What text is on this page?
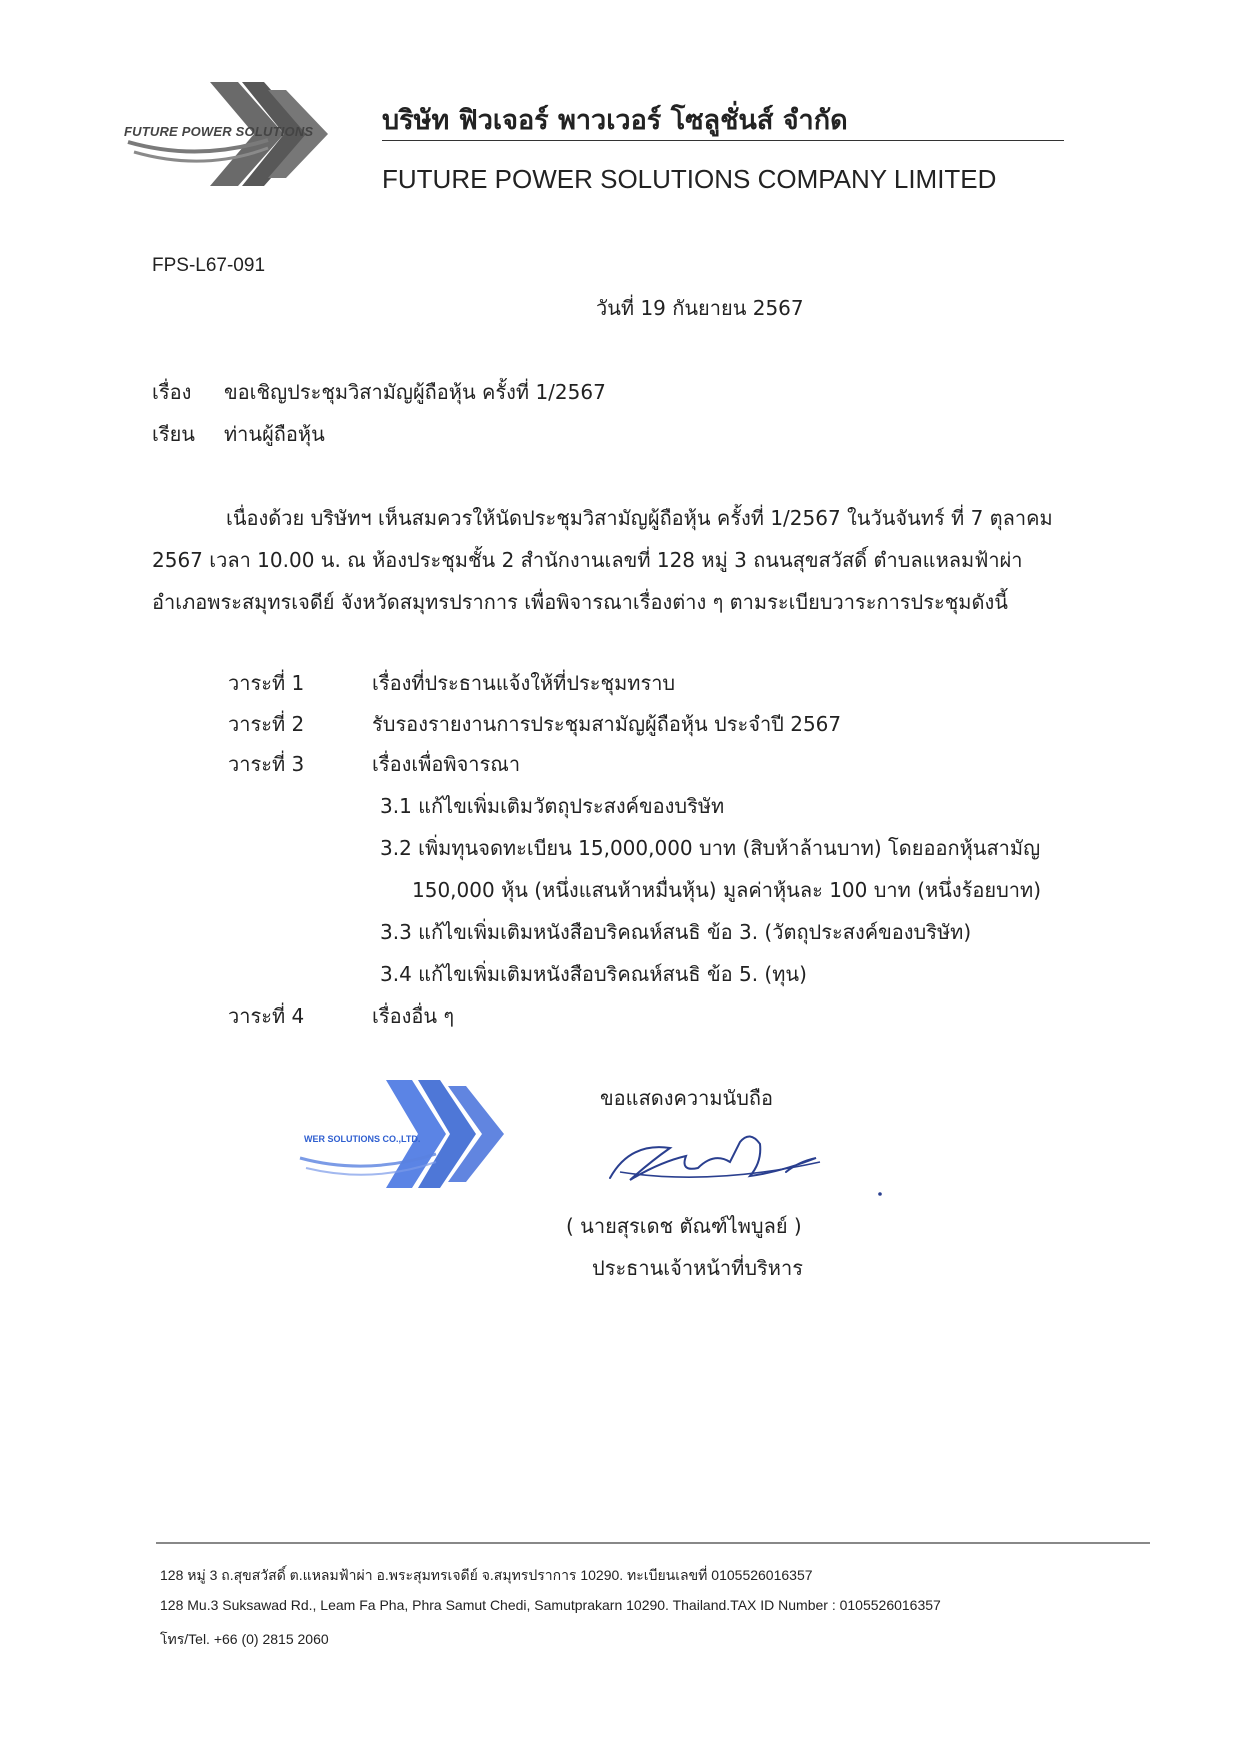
FUTURE POWER SOLUTIONS	บริษัท ฟิวเจอร์ พาวเวอร์ โซลูชั่นส์ จำกัด
FUTURE POWER SOLUTIONS COMPANY LIMITED
FPS-L67-091
วันที่ 19 กันยายน 2567
เรื่อง ขอเชิญประชุมวิสามัญผู้ถือหุ้น ครั้งที่ 1/2567
เรียน ท่านผู้ถือหุ้น
เนื่องด้วย บริษัทฯ เห็นสมควรให้นัดประชุมวิสามัญผู้ถือหุ้น ครั้งที่ 1/2567 ในวันจันทร์ ที่ 7 ตุลาคม
2567 เวลา 10.00 น. ณ ห้องประชุมชั้น 2 สำนักงานเลขที่ 128 หมู่ 3 ถนนสุขสวัสดิ์ ตำบลแหลมฟ้าผ่า
อำเภอพระสมุทรเจดีย์ จังหวัดสมุทรปราการ เพื่อพิจารณาเรื่องต่าง ๆ ตามระเบียบวาระการประชุมดังนี้
วาระที่ 1	เรื่องที่ประธานแจ้งให้ที่ประชุมทราบ
วาระที่ 2	รับรองรายงานการประชุมสามัญผู้ถือหุ้น ประจำปี 2567
วาระที่ 3	เรื่องเพื่อพิจารณา
3.1 แก้ไขเพิ่มเติมวัตถุประสงค์ของบริษัท
3.2 เพิ่มทุนจดทะเบียน 15,000,000 บาท (สิบห้าล้านบาท) โดยออกหุ้นสามัญ
150,000 หุ้น (หนึ่งแสนห้าหมื่นหุ้น) มูลค่าหุ้นละ 100 บาท (หนึ่งร้อยบาท)
3.3 แก้ไขเพิ่มเติมหนังสือบริคณห์สนธิ ข้อ 3. (วัตถุประสงค์ของบริษัท)
3.4 แก้ไขเพิ่มเติมหนังสือบริคณห์สนธิ ข้อ 5. (ทุน)
วาระที่ 4	เรื่องอื่น ๆ
WER SOLUTIONS CO.,LTD.
ขอแสดงความนับถือ
( นายสุรเดช ตัณฑ์ไพบูลย์ )
ประธานเจ้าหน้าที่บริหาร
128 หมู่ 3 ถ.สุขสวัสดิ์ ต.แหลมฟ้าผ่า อ.พระสุมทรเจดีย์ จ.สมุทรปราการ 10290. ทะเบียนเลขที่ 0105526016357
128 Mu.3 Suksawad Rd., Leam Fa Pha, Phra Samut Chedi, Samutprakarn 10290. Thailand.TAX ID Number : 0105526016357
โทร/Tel. +66 (0) 2815 2060
